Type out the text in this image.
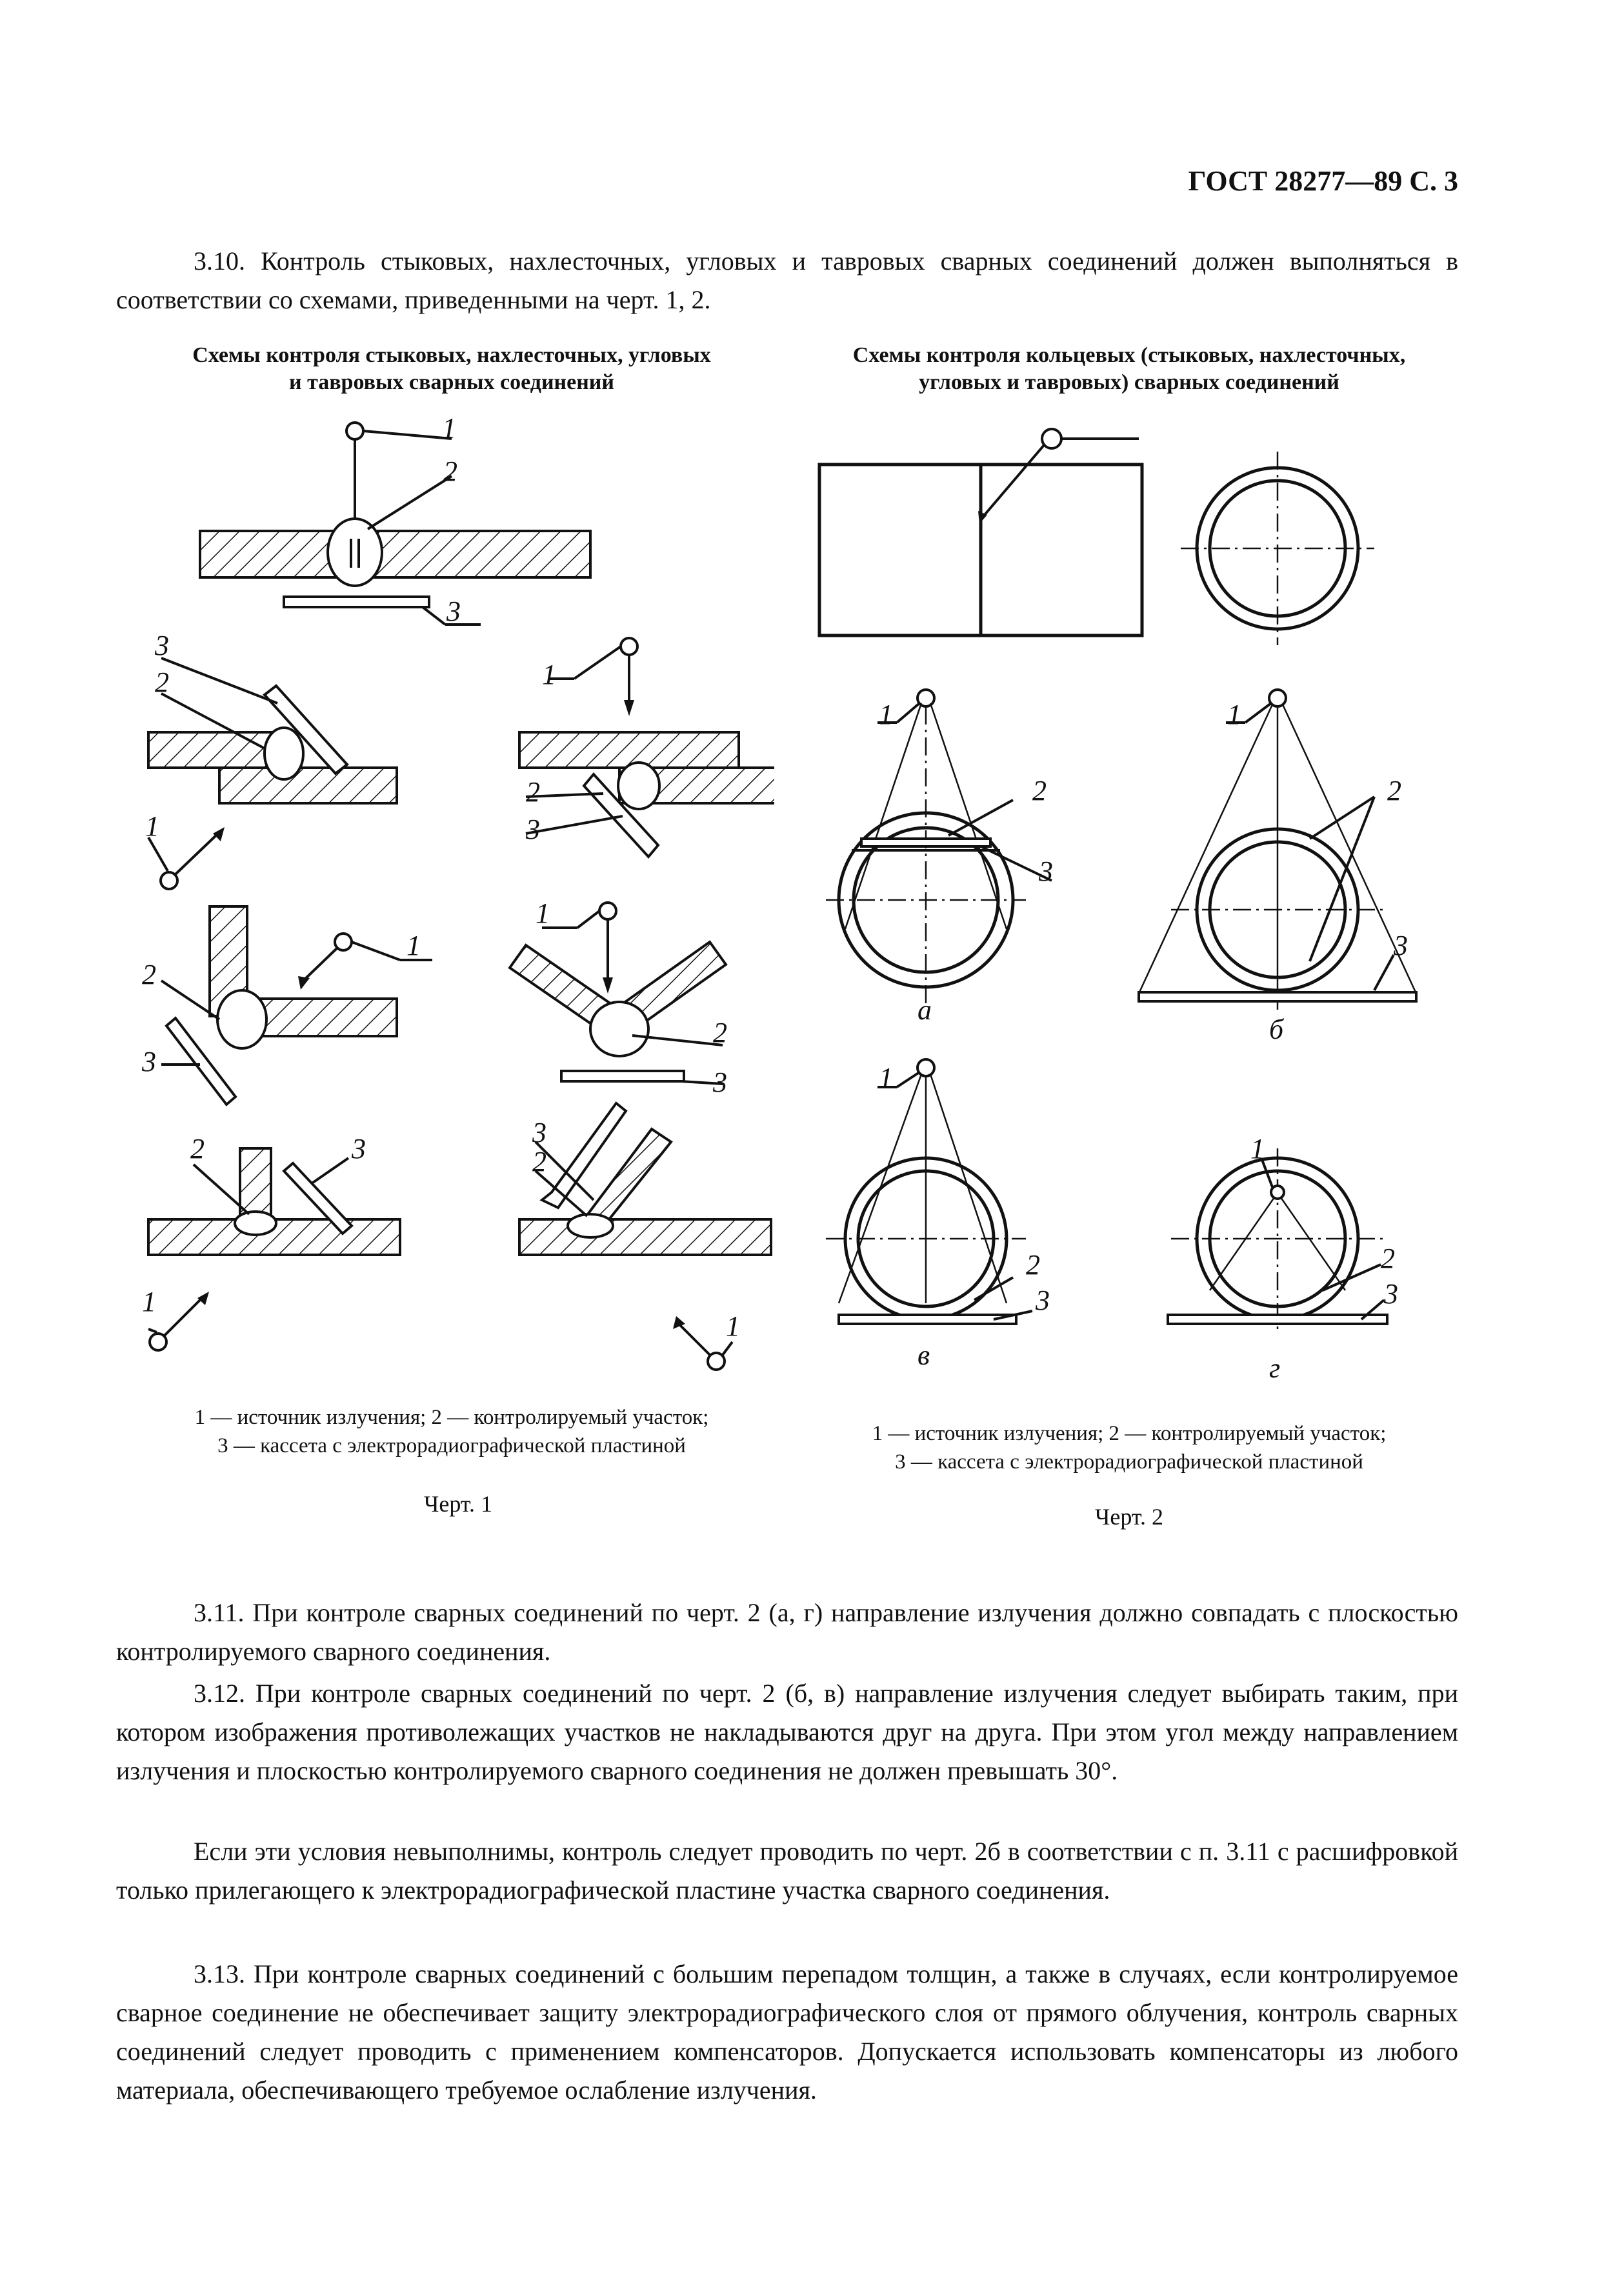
ГОСТ 28277—89 С. 3
3.10. Контроль стыковых, нахлесточных, угловых и тавровых сварных соединений должен выполняться в соответствии со схемами, приведенными на черт. 1, 2.
Схемы контроля стыковых, нахлесточных, угловых
и тавровых сварных соединений
Схемы контроля кольцевых (стыковых, нахлесточных,
угловых и тавровых) сварных соединений
1
2
3
3
2
1
1
2
3
2
1
3
1
2
3
2	3
1
3
2
1
1
2
3
а
1
2
3
б
1
2
3
в
1
2
3
г
1 — источник излучения; 2 — контролируемый участок;
3 — кассета с электрорадиографической пластиной
Черт. 1
1 — источник излучения; 2 — контролируемый участок;
3 — кассета с электрорадиографической пластиной
Черт. 2
3.11. При контроле сварных соединений по черт. 2 (а, г) направление излучения должно совпадать с плоскостью контролируемого сварного соединения.
3.12. При контроле сварных соединений по черт. 2 (б, в) направление излучения следует выбирать таким, при котором изображения противолежащих участков не накладываются друг на друга. При этом угол между направлением излучения и плоскостью контролируемого сварного соединения не должен превышать 30°.
Если эти условия невыполнимы, контроль следует проводить по черт. 2б в соответствии с п. 3.11 с расшифровкой только прилегающего к электрорадиографической пластине участка сварного соединения.
3.13. При контроле сварных соединений с большим перепадом толщин, а также в случаях, если контролируемое сварное соединение не обеспечивает защиту электрорадиографического слоя от прямого облучения, контроль сварных соединений следует проводить с применением компенсаторов. Допускается использовать компенсаторы из любого материала, обеспечивающего требуемое ослабление излучения.
